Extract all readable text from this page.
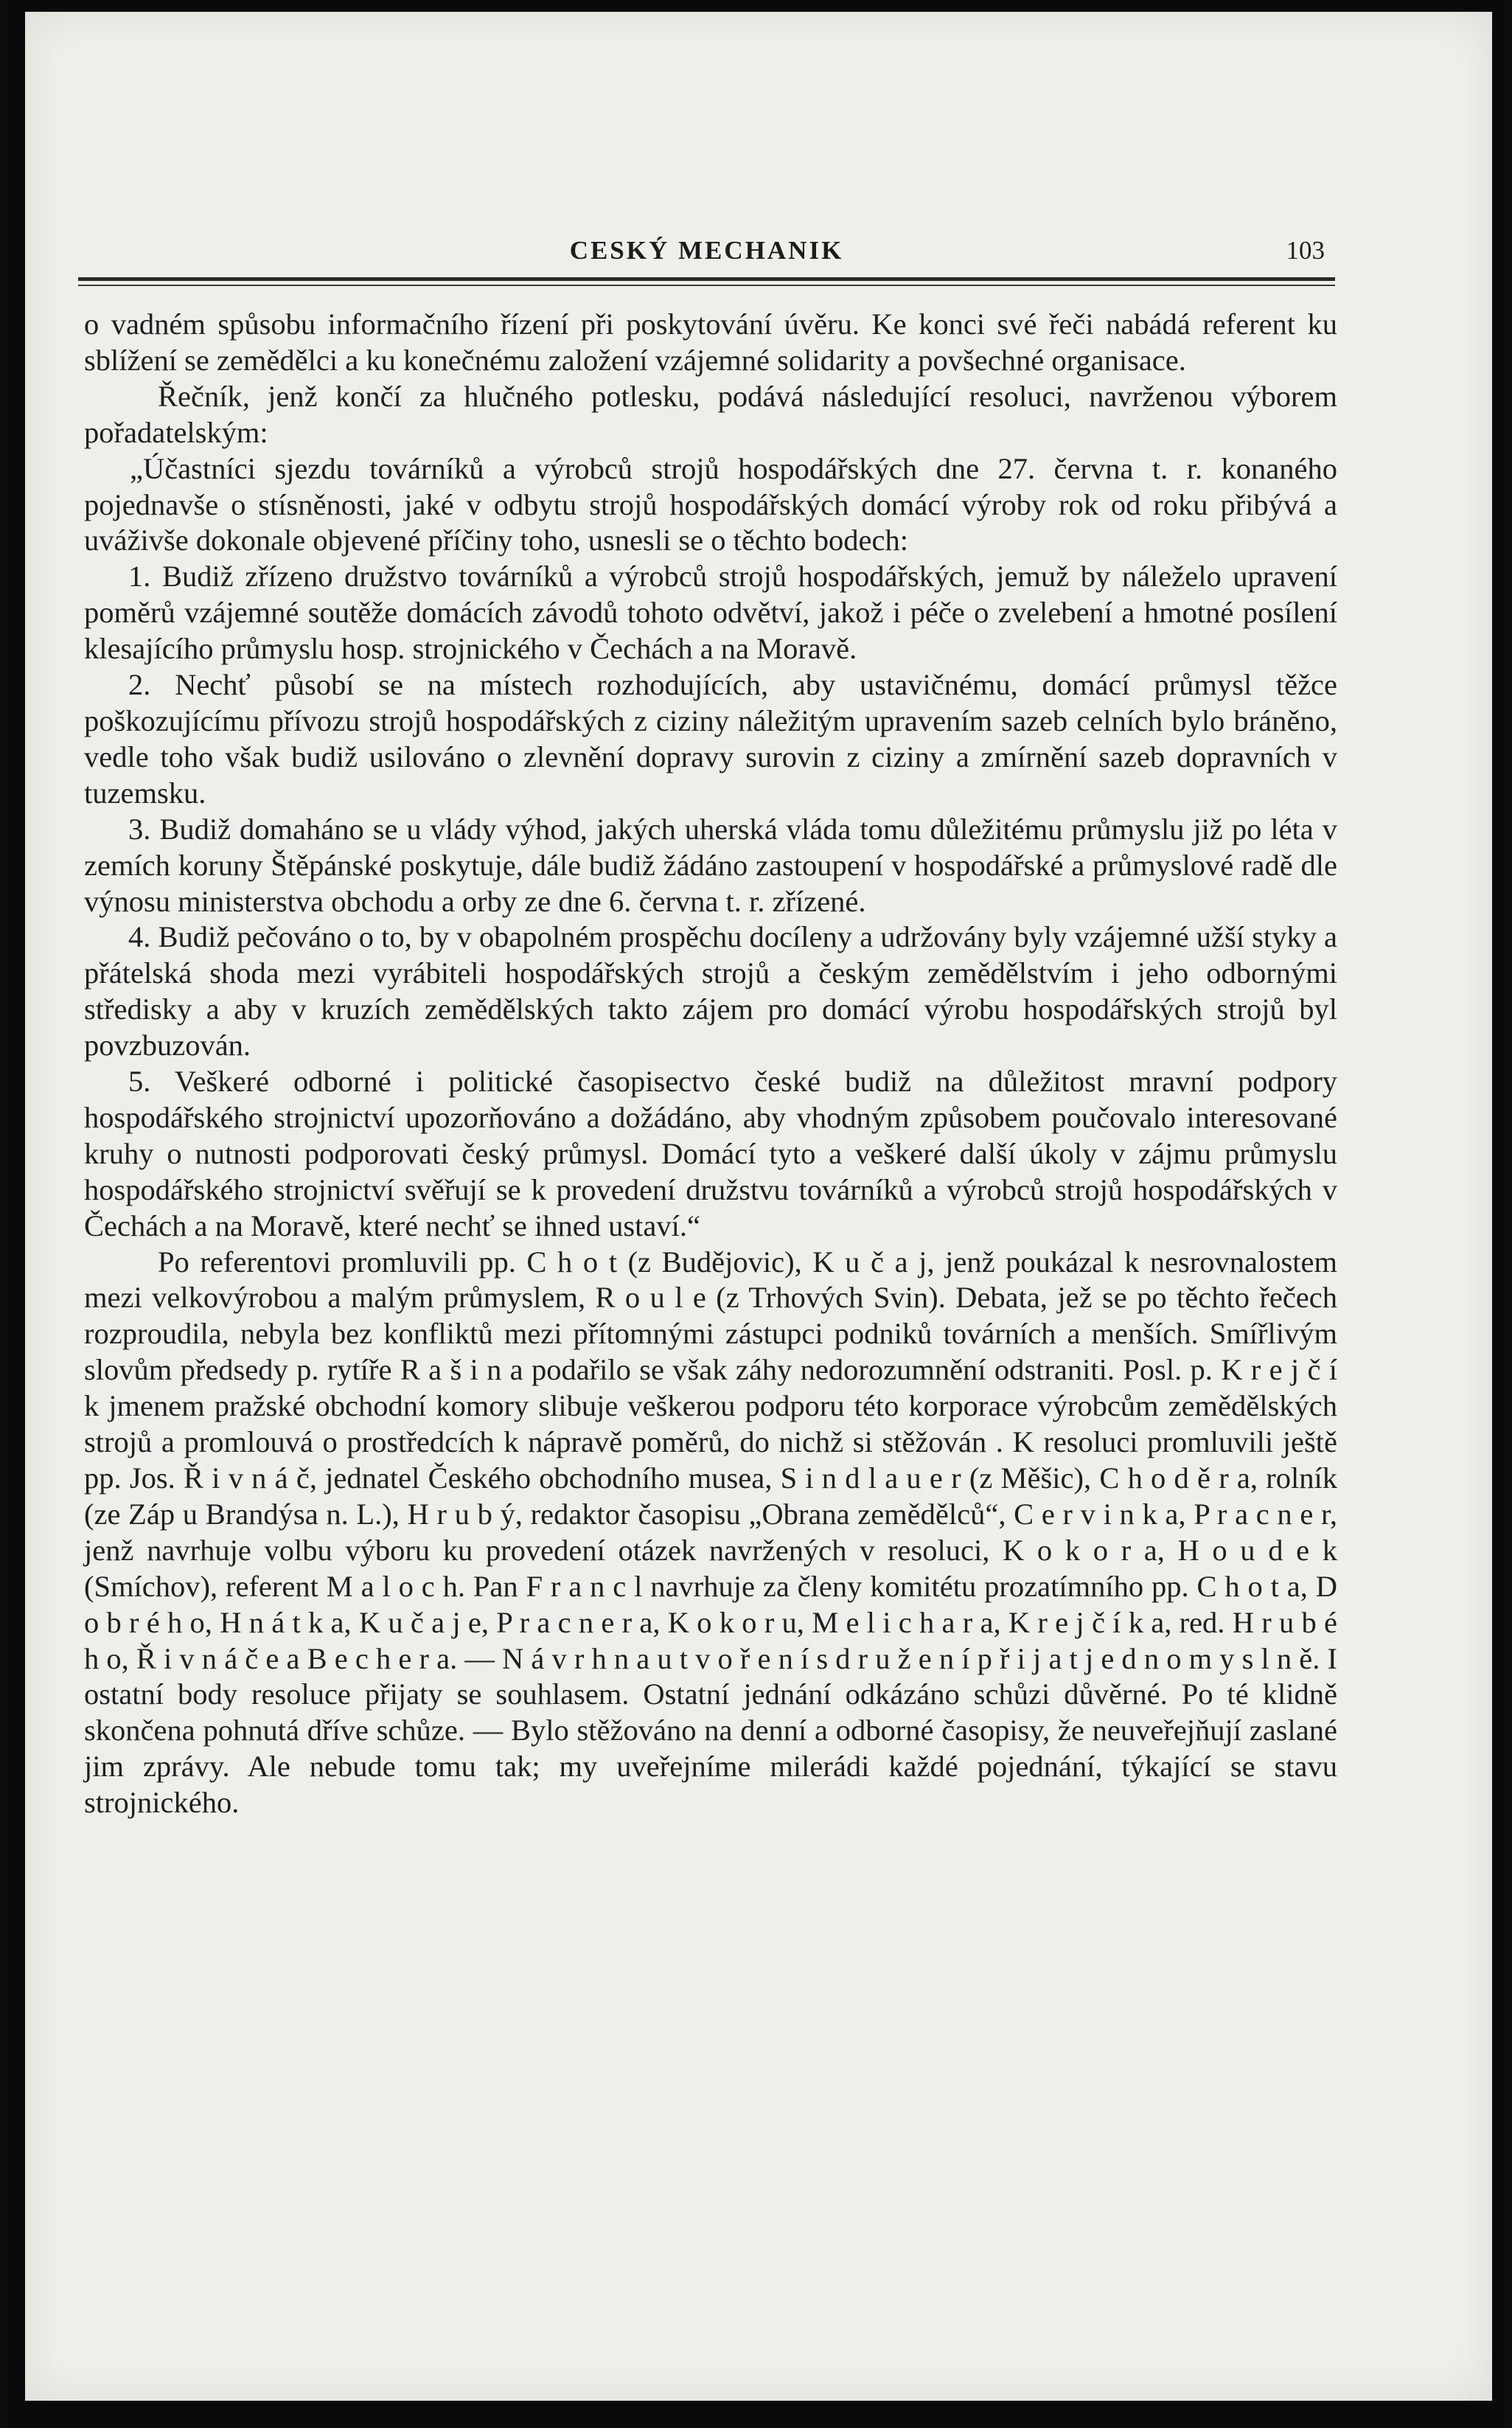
CESKÝ MECHANIK	103

o vadném spůsobu informačního řízení při poskytování úvěru. Ke konci své řeči nabádá referent ku sblížení se zemědělci a ku konečnému založení vzájemné solidarity a povšechné organisace.

Řečník, jenž končí za hlučného potlesku, podává následující resoluci, navrženou výborem pořadatelským:

„Účastníci sjezdu továrníků a výrobců strojů hospodářských dne 27. června t. r. konaného pojednavše o stísněnosti, jaké v odbytu strojů hospodářských domácí výroby rok od roku přibývá a uváživše dokonale objevené příčiny toho, usnesli se o těchto bodech:

1. Budiž zřízeno družstvo továrníků a výrobců strojů hospodářských, jemuž by náleželo upravení poměrů vzájemné soutěže domácích závodů tohoto odvětví, jakož i péče o zvelebení a hmotné posílení klesajícího průmyslu hosp. strojnického v Čechách a na Moravě.

2. Nechť působí se na místech rozhodujících, aby ustavičnému, domácí průmysl těžce poškozujícímu přívozu strojů hospodářských z ciziny náležitým upravením sazeb celních bylo bráněno, vedle toho však budiž usilováno o zlevnění dopravy surovin z ciziny a zmírnění sazeb dopravních v tuzemsku.

3. Budiž domaháno se u vlády výhod, jakých uherská vláda tomu důležitému průmyslu již po léta v zemích koruny Štěpánské poskytuje, dále budiž žádáno zastoupení v hospodářské a průmyslové radě dle výnosu ministerstva obchodu a orby ze dne 6. června t. r. zřízené.

4. Budiž pečováno o to, by v obapolném prospěchu docíleny a udržovány byly vzájemné užší styky a přátelská shoda mezi vyrábiteli hospodářských strojů a českým zemědělstvím i jeho odbornými středisky a aby v kruzích zemědělských takto zájem pro domácí výrobu hospodářských strojů byl povzbuzován.

5. Veškeré odborné i politické časopisectvo české budiž na důležitost mravní podpory hospodářského strojnictví upozorňováno a dožádáno, aby vhodným způsobem poučovalo interesované kruhy o nutnosti podporovati český průmysl. Domácí tyto a veškeré další úkoly v zájmu průmyslu hospodářského strojnictví svěřují se k provedení družstvu továrníků a výrobců strojů hospodářských v Čechách a na Moravě, které nechť se ihned ustaví.“

Po referentovi promluvili pp. C h o t (z Budějovic), K u č a j, jenž poukázal k nesrovnalostem mezi velkovýrobou a malým průmyslem, R o u l e (z Trhových Svin). Debata, jež se po těchto řečech rozproudila, nebyla bez konfliktů mezi přítomnými zástupci podniků továrních a menších. Smířlivým slovům předsedy p. rytíře R a š i n a podařilo se však záhy nedorozumnění odstraniti. Posl. p. K r e j č í k jmenem pražské obchodní komory slibuje veškerou podporu této korporace výrobcům zemědělských strojů a promlouvá o prostředcích k nápravě poměrů, do nichž si stěžován . K resoluci promluvili ještě pp. Jos. Ř i v n á č, jednatel Českého obchodního musea, S i n d l a u e r (z Měšic), C h o d ě r a, rolník (ze Záp u Brandýsa n. L.), H r u b ý, redaktor časopisu „Obrana zemědělců“, C e r v i n k a, P r a c n e r, jenž navrhuje volbu výboru ku provedení otázek navržených v resoluci, K o k o r a, H o u d e k (Smíchov), referent M a l o c h. Pan F r a n c l navrhuje za členy komitétu prozatímního pp. C h o t a, D o b r é h o, H n á t k a, K u č a j e, P r a c n e r a, K o k o r u, M e l i c h a r a, K r e j č í k a, red. H r u b é h o, Ř i v n á č e a B e c h e r a. — N á v r h n a u t v o ř e n í s d r u ž e n í p ř i j a t j e d n o m y s l n ě. I ostatní body resoluce přijaty se souhlasem. Ostatní jednání odkázáno schůzi důvěrné. Po té klidně skončena pohnutá dříve schůze. — Bylo stěžováno na denní a odborné časopisy, že neuveřejňují zaslané jim zprávy. Ale nebude tomu tak; my uveřejníme milerádi každé pojednání, týkající se stavu strojnického.
